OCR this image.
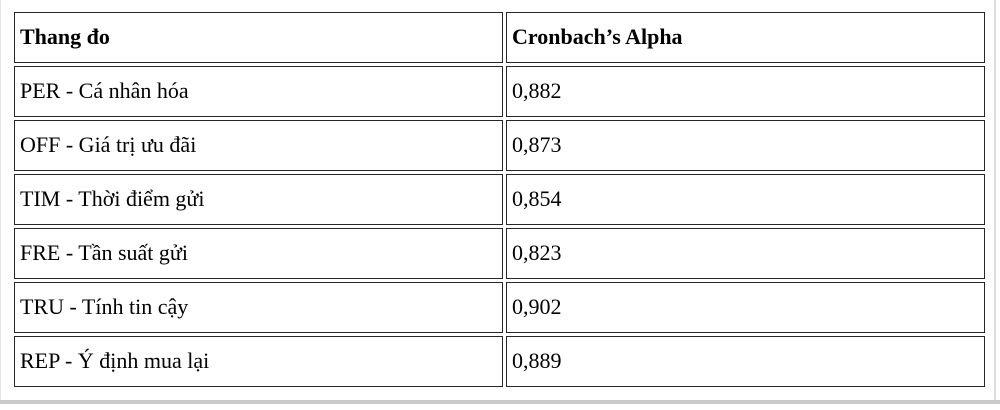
Thang đo	Cronbach’s Alpha
PER - Cá nhân hóa	0,882
OFF - Giá trị ưu đãi	0,873
TIM - Thời điểm gửi	0,854
FRE - Tần suất gửi	0,823
TRU - Tính tin cậy	0,902
REP - Ý định mua lại	0,889
